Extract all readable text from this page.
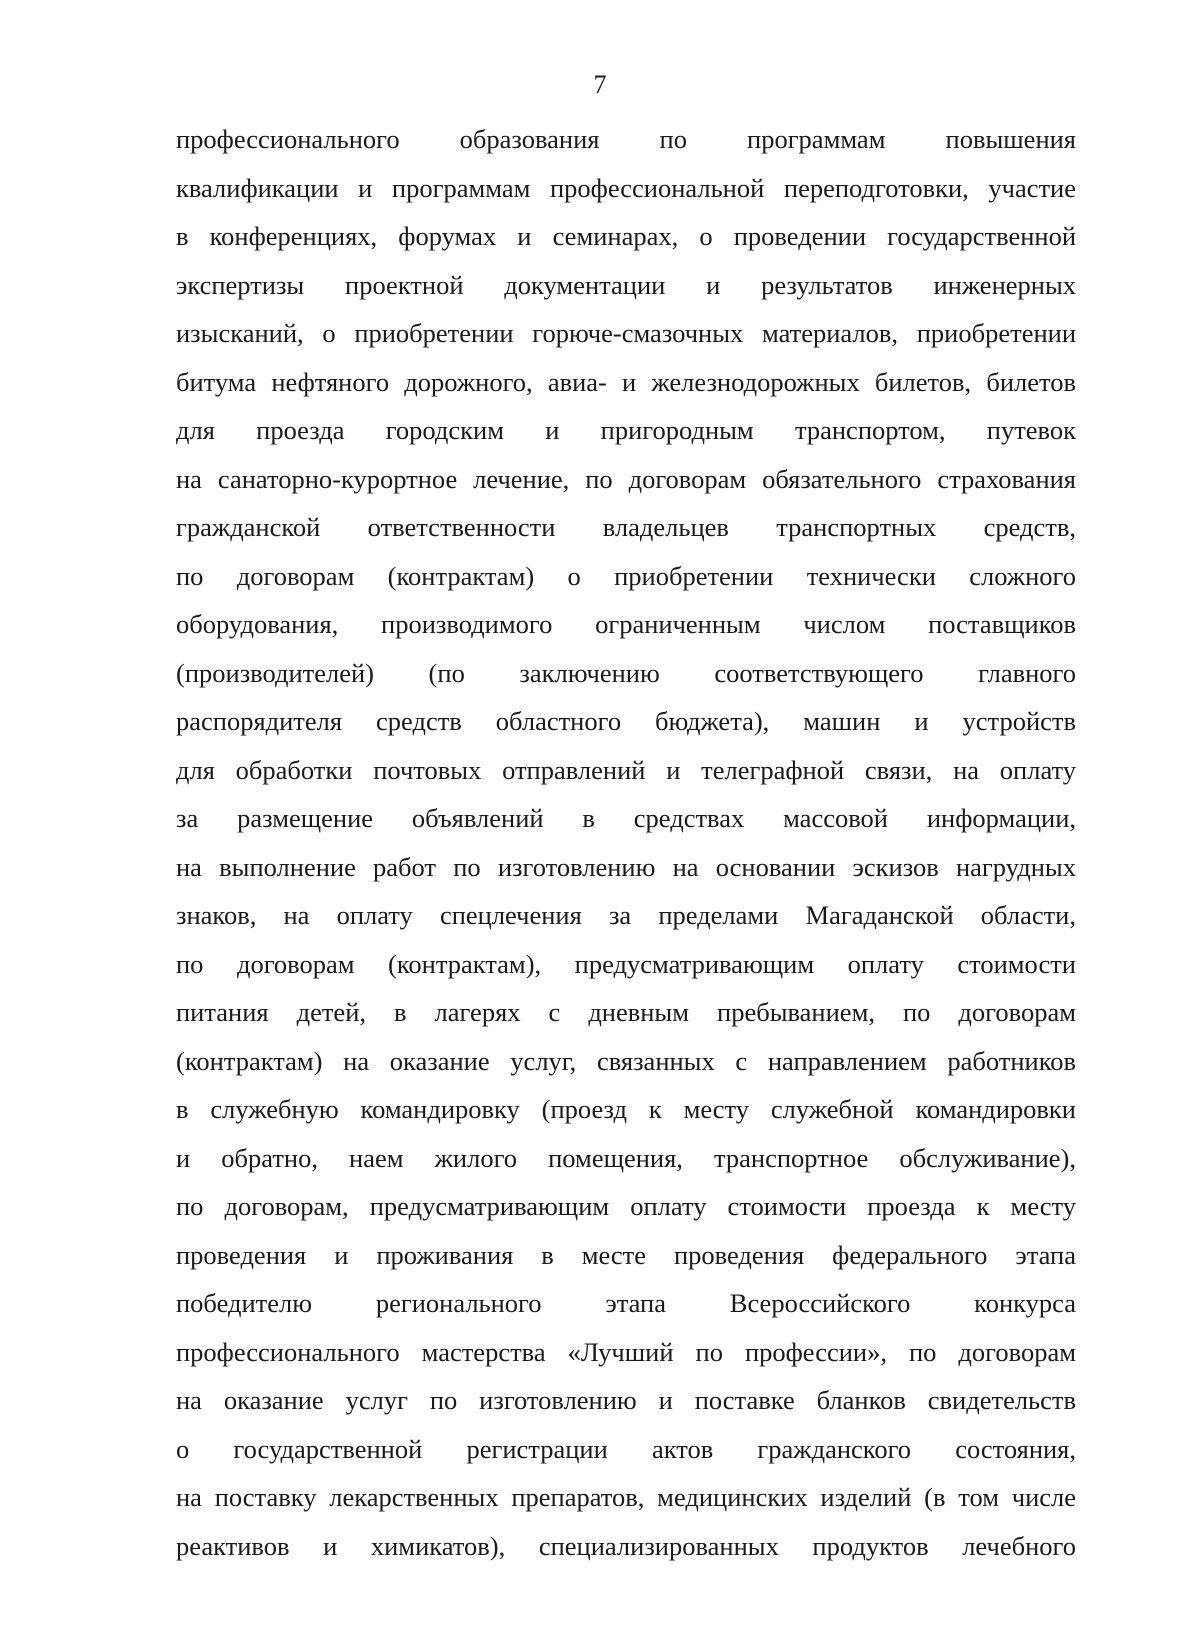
7
профессионального образования по программам повышения
квалификации и программам профессиональной переподготовки, участие
в конференциях, форумах и семинарах, о проведении государственной
экспертизы проектной документации и результатов инженерных
изысканий, о приобретении горюче-смазочных материалов, приобретении
битума нефтяного дорожного, авиа- и железнодорожных билетов, билетов
для проезда городским и пригородным транспортом, путевок
на санаторно-курортное лечение, по договорам обязательного страхования
гражданской ответственности владельцев транспортных средств,
по договорам (контрактам) о приобретении технически сложного
оборудования, производимого ограниченным числом поставщиков
(производителей) (по заключению соответствующего главного
распорядителя средств областного бюджета), машин и устройств
для обработки почтовых отправлений и телеграфной связи, на оплату
за размещение объявлений в средствах массовой информации,
на выполнение работ по изготовлению на основании эскизов нагрудных
знаков, на оплату спецлечения за пределами Магаданской области,
по договорам (контрактам), предусматривающим оплату стоимости
питания детей, в лагерях с дневным пребыванием, по договорам
(контрактам) на оказание услуг, связанных с направлением работников
в служебную командировку (проезд к месту служебной командировки
и обратно, наем жилого помещения, транспортное обслуживание),
по договорам, предусматривающим оплату стоимости проезда к месту
проведения и проживания в месте проведения федерального этапа
победителю регионального этапа Всероссийского конкурса
профессионального мастерства «Лучший по профессии», по договорам
на оказание услуг по изготовлению и поставке бланков свидетельств
о государственной регистрации актов гражданского состояния,
на поставку лекарственных препаратов, медицинских изделий (в том числе
реактивов и химикатов), специализированных продуктов лечебного
